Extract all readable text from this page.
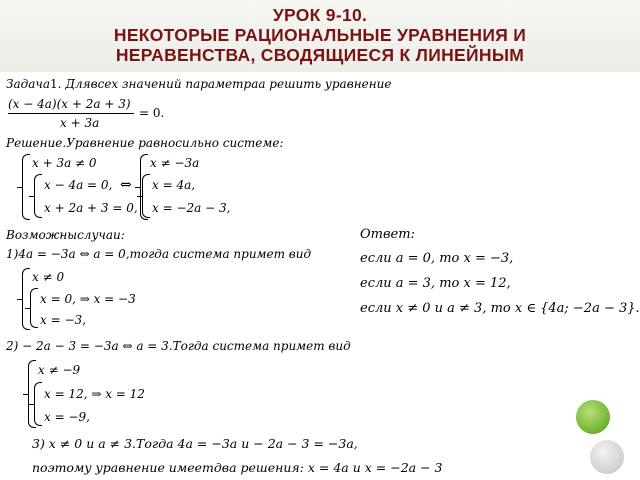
УРОК 9-10.
НЕКОТОРЫЕ РАЦИОНАЛЬНЫЕ УРАВНЕНИЯ И
НЕРАВЕНСТВА, СВОДЯЩИЕСЯ К ЛИНЕЙНЫМ
Задача1. Длявсех значений параметраа решить уравнение
(x − 4a)(x + 2a + 3)
x + 3a
= 0.
Решение.Уравнение равносильно системе:
x + 3a ≠ 0
x − 4a = 0,
x + 2a + 3 = 0,
⇔
x ≠ −3a
x = 4a,
x = −2a − 3,
Возможныслучаи:
1)4a = −3a ⇔ a = 0,тогда система примет вид
x ≠ 0
x = 0, ⇒ x = −3
x = −3,
2) − 2a − 3 = −3a ⇔ a = 3.Тогда система примет вид
x ≠ −9
x = 12, ⇒ x = 12
x = −9,
3) x ≠ 0 и a ≠ 3.Тогда 4a = −3a и − 2a − 3 = −3a,
поэтому уравнение имеетдва решения: x = 4a и x = −2a − 3
Ответ:
если a = 0, то x = −3,
если a = 3, то x = 12,
если x ≠ 0 и a ≠ 3, то x ∈ {4a; −2a − 3}.
